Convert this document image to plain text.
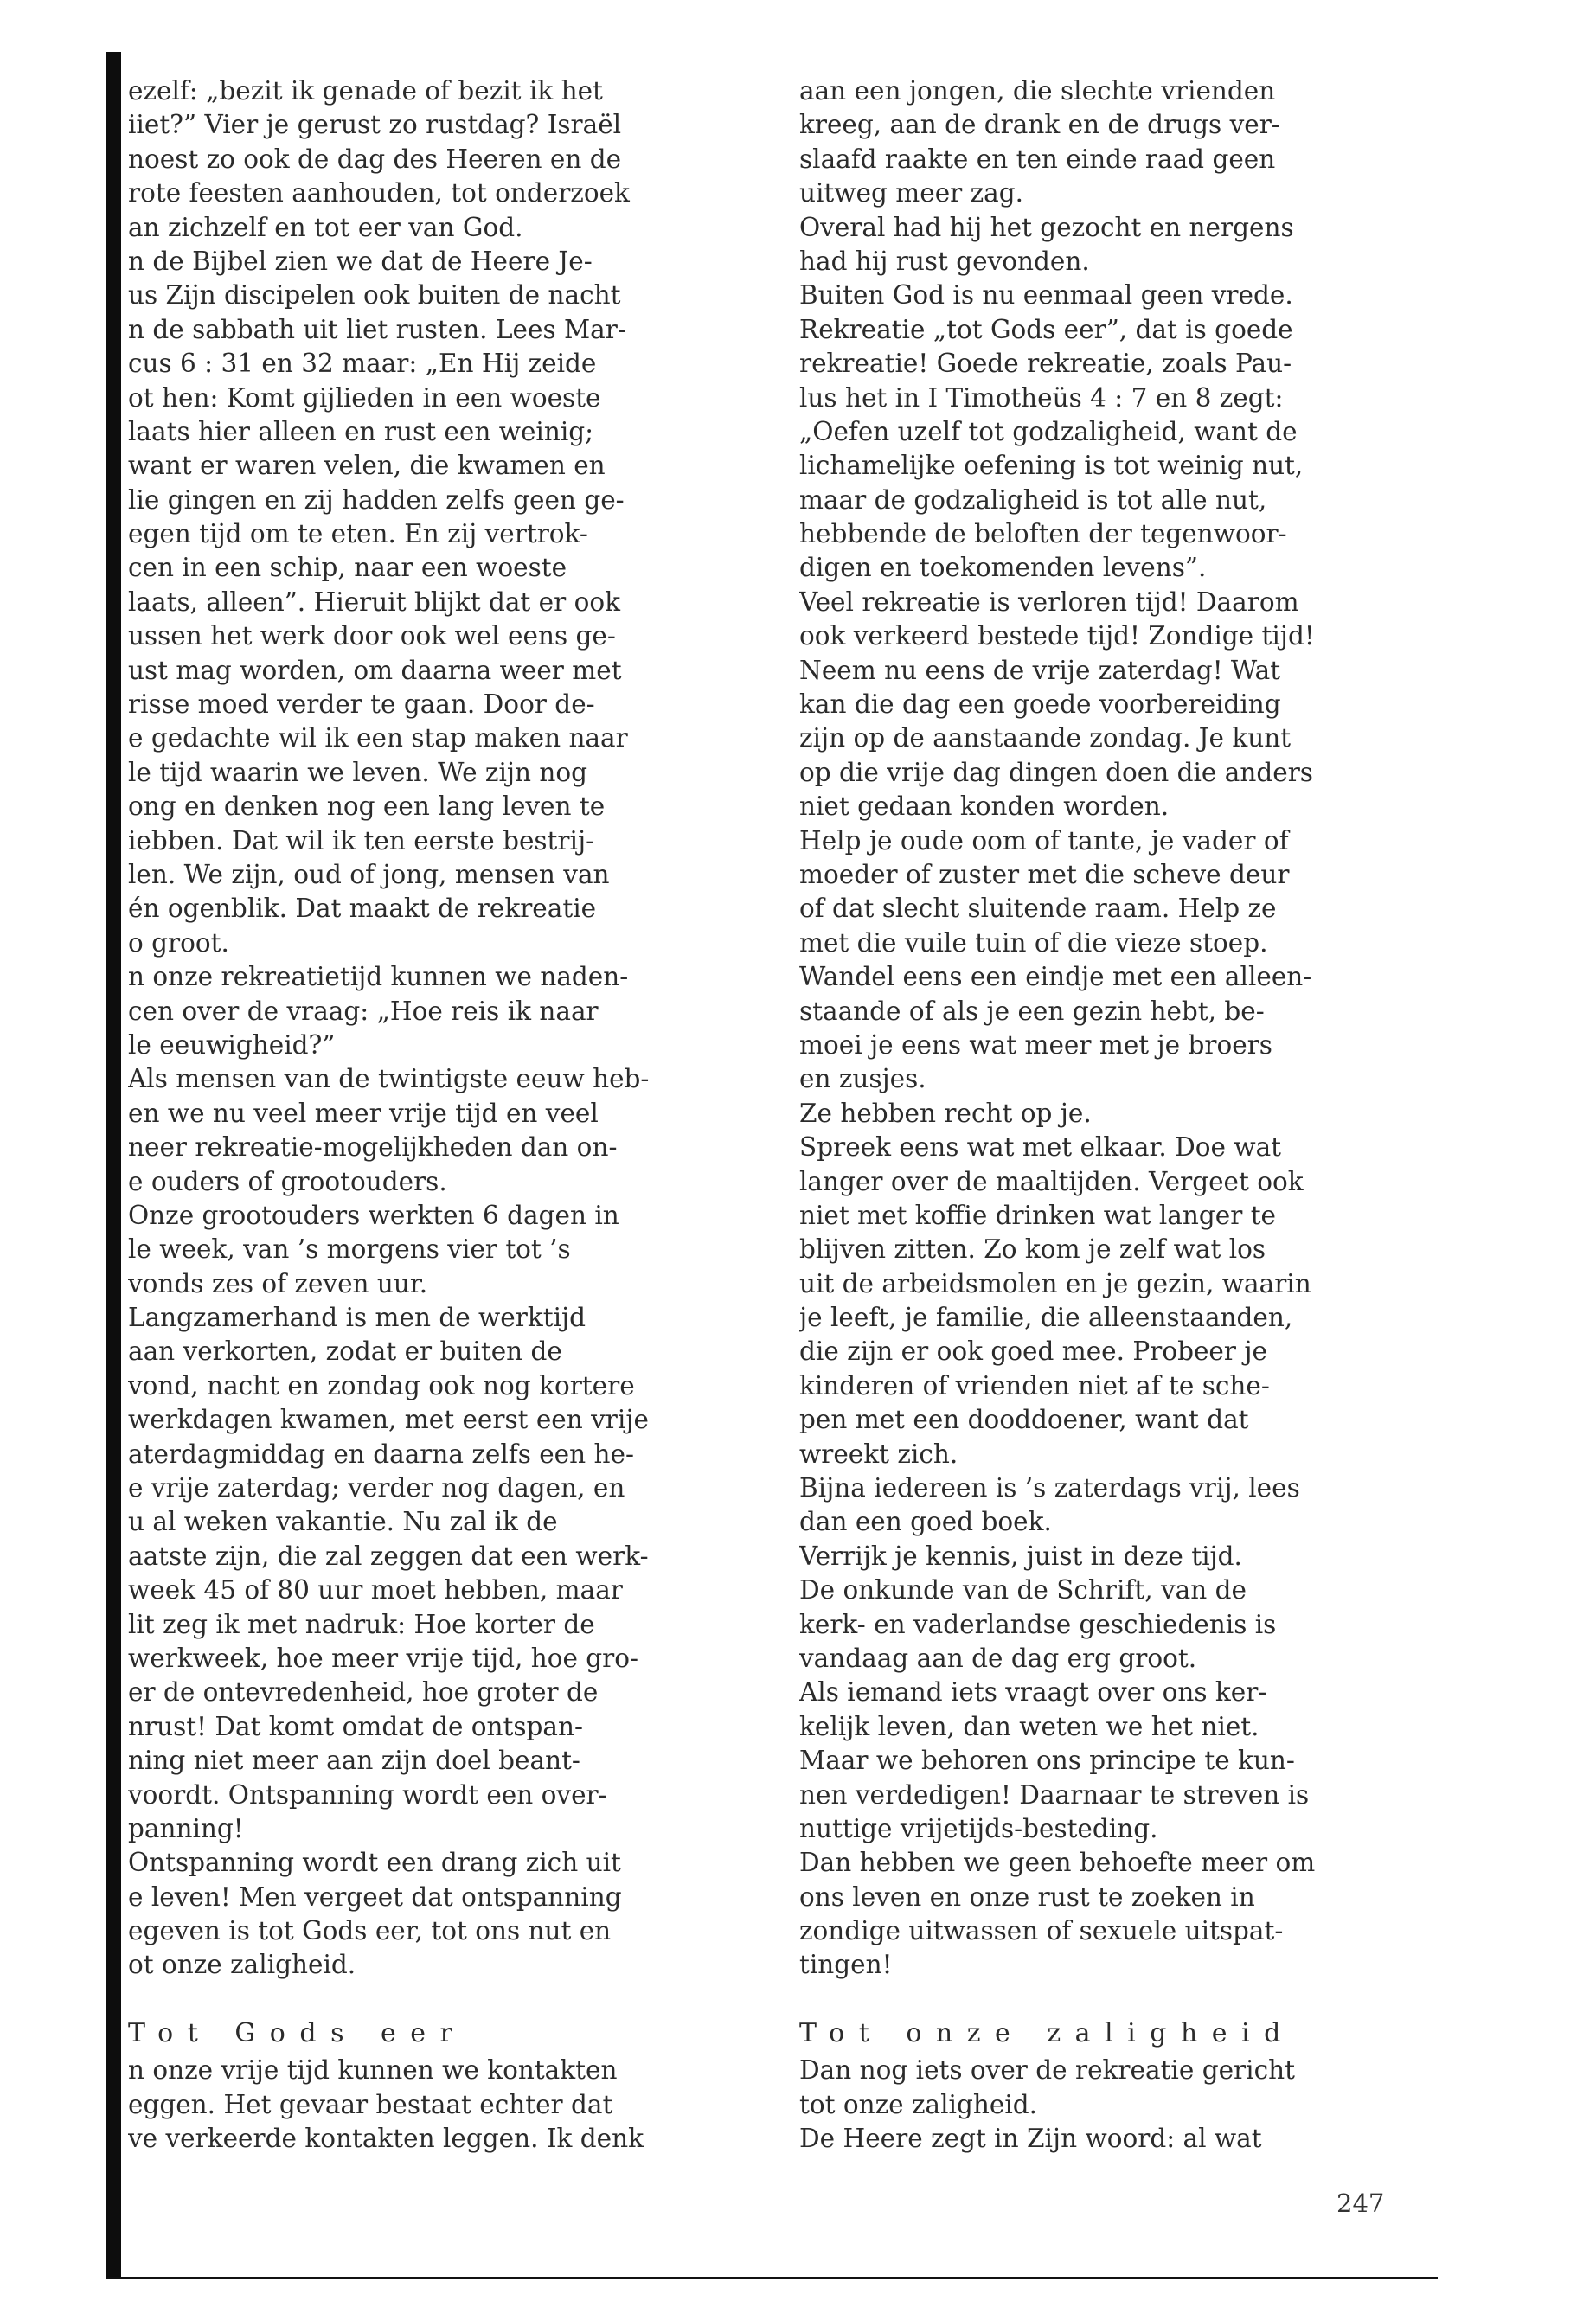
ezelf: „bezit ik genade of bezit ik het
iiet?” Vier je gerust zo rustdag? Israël
noest zo ook de dag des Heeren en de
rote feesten aanhouden, tot onderzoek
an zichzelf en tot eer van God.
n de Bijbel zien we dat de Heere Je-
us Zijn discipelen ook buiten de nacht
n de sabbath uit liet rusten. Lees Mar-
cus 6 : 31 en 32 maar: „En Hij zeide
ot hen: Komt gijlieden in een woeste
laats hier alleen en rust een weinig;
want er waren velen, die kwamen en
lie gingen en zij hadden zelfs geen ge-
egen tijd om te eten. En zij vertrok-
cen in een schip, naar een woeste
laats, alleen”. Hieruit blijkt dat er ook
ussen het werk door ook wel eens ge-
ust mag worden, om daarna weer met
risse moed verder te gaan. Door de-
e gedachte wil ik een stap maken naar
le tijd waarin we leven. We zijn nog
ong en denken nog een lang leven te
iebben. Dat wil ik ten eerste bestrij-
len. We zijn, oud of jong, mensen van
én ogenblik. Dat maakt de rekreatie
o groot.
n onze rekreatietijd kunnen we naden-
cen over de vraag: „Hoe reis ik naar
le eeuwigheid?”
Als mensen van de twintigste eeuw heb-
en we nu veel meer vrije tijd en veel
neer rekreatie-mogelijkheden dan on-
e ouders of grootouders.
Onze grootouders werkten 6 dagen in
le week, van ’s morgens vier tot ’s
vonds zes of zeven uur.
Langzamerhand is men de werktijd
aan verkorten, zodat er buiten de
vond, nacht en zondag ook nog kortere
werkdagen kwamen, met eerst een vrije
aterdagmiddag en daarna zelfs een he-
e vrije zaterdag; verder nog dagen, en
u al weken vakantie. Nu zal ik de
aatste zijn, die zal zeggen dat een werk-
week 45 of 80 uur moet hebben, maar
lit zeg ik met nadruk: Hoe korter de
werkweek, hoe meer vrije tijd, hoe gro-
er de ontevredenheid, hoe groter de
nrust! Dat komt omdat de ontspan-
ning niet meer aan zijn doel beant-
voordt. Ontspanning wordt een over-
panning!
Ontspanning wordt een drang zich uit
e leven! Men vergeet dat ontspanning
egeven is tot Gods eer, tot ons nut en
ot onze zaligheid.
Tot Gods eer
n onze vrije tijd kunnen we kontakten
eggen. Het gevaar bestaat echter dat
ve verkeerde kontakten leggen. Ik denk
aan een jongen, die slechte vrienden
kreeg, aan de drank en de drugs ver-
slaafd raakte en ten einde raad geen
uitweg meer zag.
Overal had hij het gezocht en nergens
had hij rust gevonden.
Buiten God is nu eenmaal geen vrede.
Rekreatie „tot Gods eer”, dat is goede
rekreatie! Goede rekreatie, zoals Pau-
lus het in I Timotheüs 4 : 7 en 8 zegt:
„Oefen uzelf tot godzaligheid, want de
lichamelijke oefening is tot weinig nut,
maar de godzaligheid is tot alle nut,
hebbende de beloften der tegenwoor-
digen en toekomenden levens”.
Veel rekreatie is verloren tijd! Daarom
ook verkeerd bestede tijd! Zondige tijd!
Neem nu eens de vrije zaterdag! Wat
kan die dag een goede voorbereiding
zijn op de aanstaande zondag. Je kunt
op die vrije dag dingen doen die anders
niet gedaan konden worden.
Help je oude oom of tante, je vader of
moeder of zuster met die scheve deur
of dat slecht sluitende raam. Help ze
met die vuile tuin of die vieze stoep.
Wandel eens een eindje met een alleen-
staande of als je een gezin hebt, be-
moei je eens wat meer met je broers
en zusjes.
Ze hebben recht op je.
Spreek eens wat met elkaar. Doe wat
langer over de maaltijden. Vergeet ook
niet met koffie drinken wat langer te
blijven zitten. Zo kom je zelf wat los
uit de arbeidsmolen en je gezin, waarin
je leeft, je familie, die alleenstaanden,
die zijn er ook goed mee. Probeer je
kinderen of vrienden niet af te sche-
pen met een dooddoener, want dat
wreekt zich.
Bijna iedereen is ’s zaterdags vrij, lees
dan een goed boek.
Verrijk je kennis, juist in deze tijd.
De onkunde van de Schrift, van de
kerk- en vaderlandse geschiedenis is
vandaag aan de dag erg groot.
Als iemand iets vraagt over ons ker-
kelijk leven, dan weten we het niet.
Maar we behoren ons principe te kun-
nen verdedigen! Daarnaar te streven is
nuttige vrijetijds-besteding.
Dan hebben we geen behoefte meer om
ons leven en onze rust te zoeken in
zondige uitwassen of sexuele uitspat-
tingen!
Tot onze zaligheid
Dan nog iets over de rekreatie gericht
tot onze zaligheid.
De Heere zegt in Zijn woord: al wat
247
